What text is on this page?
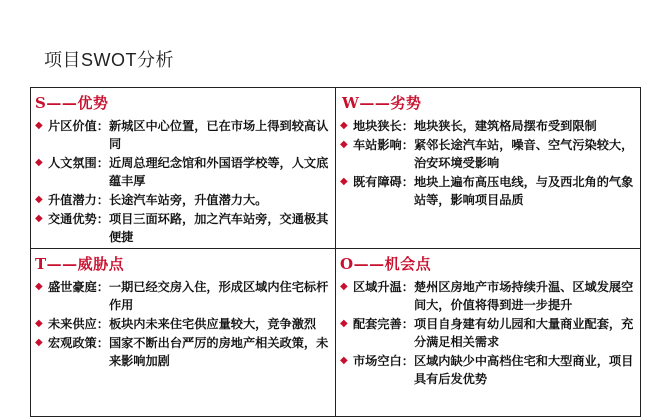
项目SWOT分析
S——优势
◆ 片区价值： 新城区中心位置，已在市场上得到较高认同
◆ 人文氛围： 近周总理纪念馆和外国语学校等，人文底蕴丰厚
◆ 升值潜力： 长途汽车站旁，升值潜力大。
◆ 交通优势： 项目三面环路，加之汽车站旁，交通极其便捷
W——劣势
◆ 地块狭长： 地块狭长，建筑格局摆布受到限制
◆ 车站影响： 紧邻长途汽车站，噪音、空气污染较大，治安环境受影响
◆ 既有障碍： 地块上遍布高压电线，与及西北角的气象站等，影响项目品质
T——威胁点
◆ 盛世豪庭： 一期已经交房入住，形成区域内住宅标杆作用
◆ 未来供应： 板块内未来住宅供应量较大，竞争激烈
◆ 宏观政策： 国家不断出台严厉的房地产相关政策，未来影响加剧
O——机会点
◆ 区域升温： 楚州区房地产市场持续升温、区域发展空间大，价值将得到进一步提升
◆ 配套完善： 项目自身建有幼儿园和大量商业配套，充分满足相关需求
◆ 市场空白： 区域内缺少中高档住宅和大型商业，项目具有后发优势
